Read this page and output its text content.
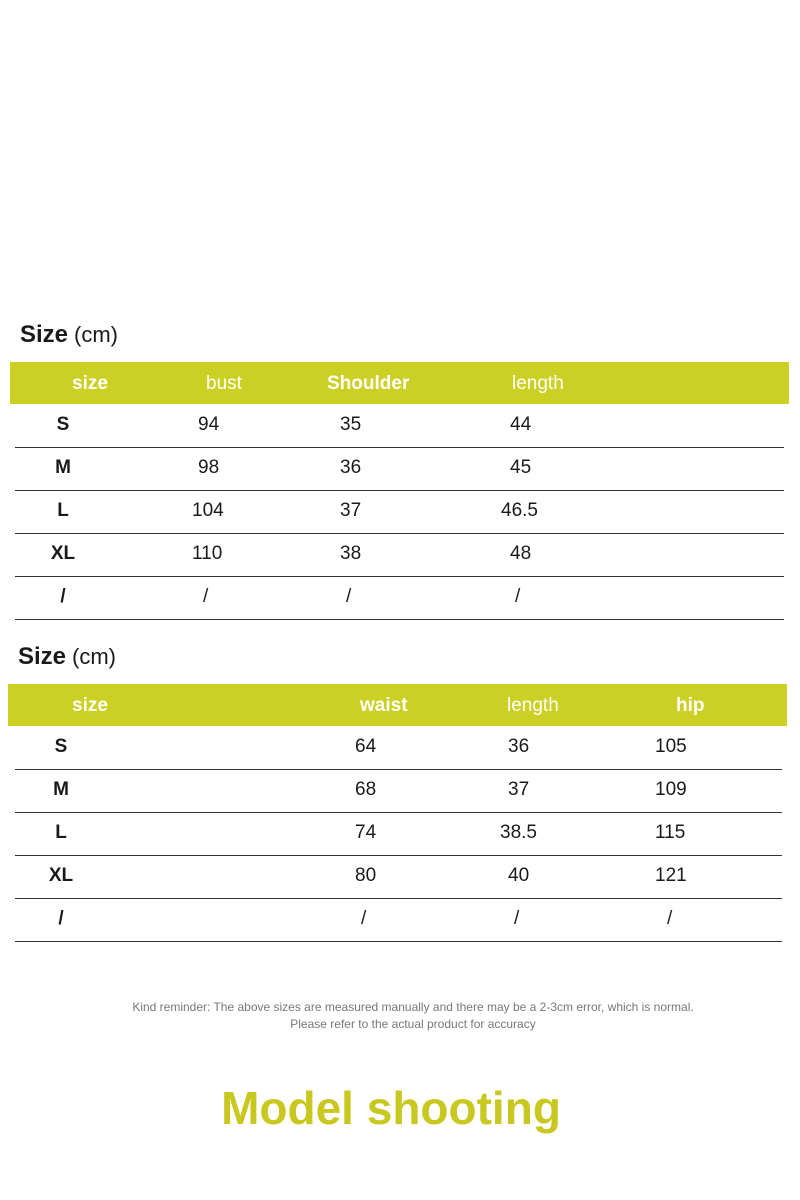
Size (cm)
size	bust	Shoulder	length
S	94	35	44
M	98	36	45
L	104	37	46.5
XL	110	38	48
/	/	/	/
Size (cm)
size	waist	length	hip
S	64	36	105
M	68	37	109
L	74	38.5	115
XL	80	40	121
/	/	/	/
Kind reminder: The above sizes are measured manually and there may be a 2-3cm error, which is normal.
Please refer to the actual product for accuracy
Model shooting
